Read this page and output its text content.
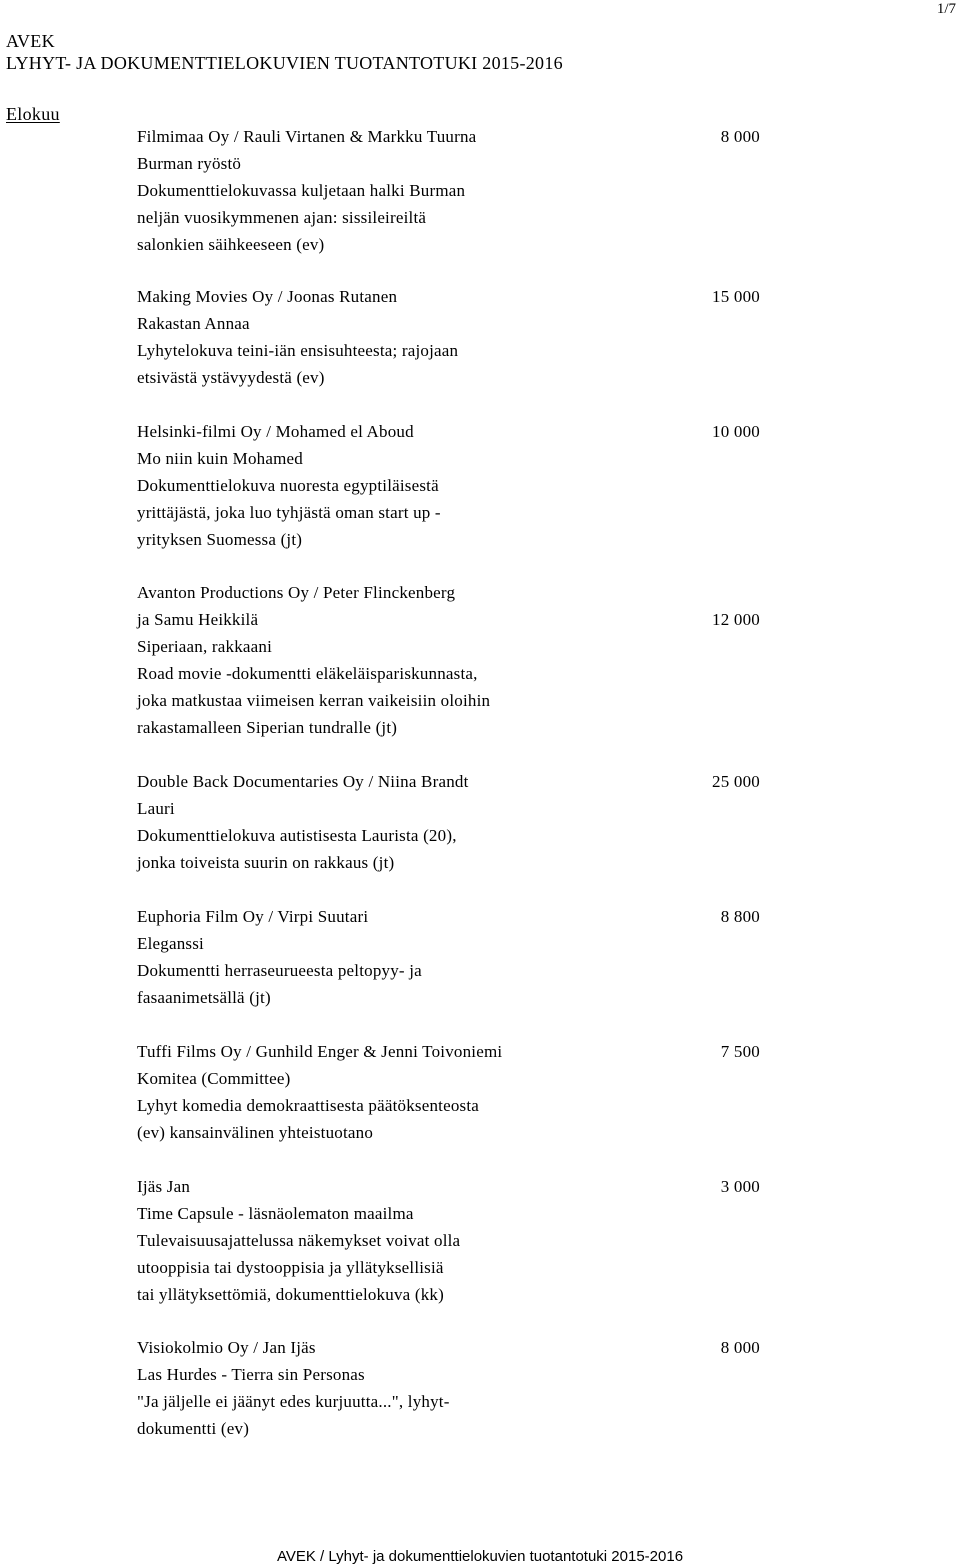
1/7
AVEK
LYHYT- JA DOKUMENTTIELOKUVIEN TUOTANTOTUKI 2015-2016
Elokuu
Filmimaa Oy / Rauli Virtanen & Markku Tuurna	8 000
Burman ryöstö
Dokumenttielokuvassa kuljetaan halki Burman
neljän vuosikymmenen ajan: sissileireiltä
salonkien säihkeeseen (ev)
Making Movies Oy / Joonas Rutanen	15 000
Rakastan Annaa
Lyhytelokuva teini-iän ensisuhteesta; rajojaan
etsivästä ystävyydestä (ev)
Helsinki-filmi Oy / Mohamed el Aboud	10 000
Mo niin kuin Mohamed
Dokumenttielokuva nuoresta egyptiläisestä
yrittäjästä, joka luo tyhjästä oman start up -
yrityksen Suomessa (jt)
Avanton Productions Oy / Peter Flinckenberg
ja Samu Heikkilä	12 000
Siperiaan, rakkaani
Road movie -dokumentti eläkeläispariskunnasta,
joka matkustaa viimeisen kerran vaikeisiin oloihin
rakastamalleen Siperian tundralle (jt)
Double Back Documentaries Oy / Niina Brandt	25 000
Lauri
Dokumenttielokuva autistisesta Laurista (20),
jonka toiveista suurin on rakkaus (jt)
Euphoria Film Oy / Virpi Suutari	8 800
Eleganssi
Dokumentti herraseurueesta peltopyy- ja
fasaanimetsällä (jt)
Tuffi Films Oy / Gunhild Enger & Jenni Toivoniemi	7 500
Komitea (Committee)
Lyhyt komedia demokraattisesta päätöksenteosta
(ev) kansainvälinen yhteistuotano
Ijäs Jan	3 000
Time Capsule - läsnäolematon maailma
Tulevaisuusajattelussa näkemykset voivat olla
utooppisia tai dystooppisia ja yllätyksellisiä
tai yllätyksettömiä, dokumenttielokuva (kk)
Visiokolmio Oy / Jan Ijäs	8 000
Las Hurdes - Tierra sin Personas
"Ja jäljelle ei jäänyt edes kurjuutta...", lyhyt-
dokumentti (ev)
AVEK / Lyhyt- ja dokumenttielokuvien tuotantotuki 2015-2016
